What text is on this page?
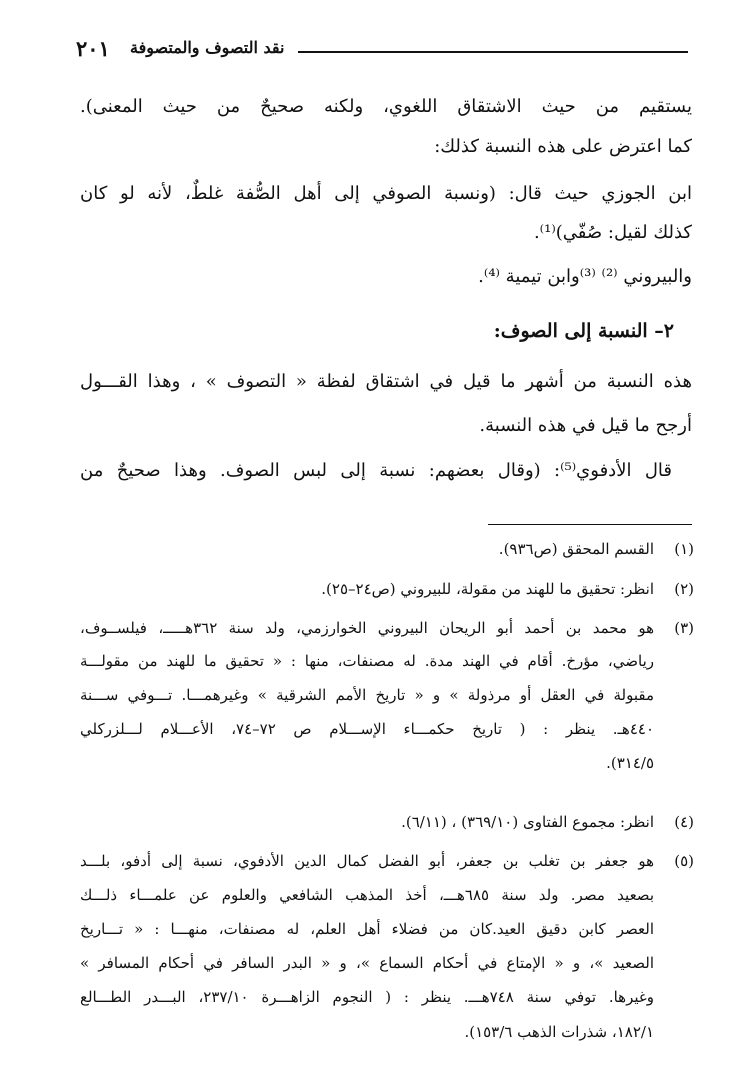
٢٠١ نقد التصوف والمتصوفة
يستقيم من حيث الاشتقاق اللغوي، ولكنه صحيحٌ من حيث المعنى).
كما اعترض على هذه النسبة كذلك:
ابن الجوزي حيث قال: (ونسبة الصوفي إلى أهل الصُّفة غلطٌ، لأنه لو كان
كذلك لقيل: صُفّي)⁽¹⁾.
والبيروني ⁽²⁾ ⁽³⁾وابن تيمية ⁽⁴⁾.
٢– النسبة إلى الصوف:
هذه النسبة من أشهر ما قيل في اشتقاق لفظة « التصوف » ، وهذا القـــول
أرجح ما قيل في هذه النسبة.
قال الأدفوي⁽⁵⁾: (وقال بعضهم: نسبة إلى لبس الصوف. وهذا صحيحٌ من
(١)
القسم المحقق (ص٩٣٦).
(٢)
انظر: تحقيق ما للهند من مقولة، للبيروني (ص٢٤–٢٥).
(٣)
هو محمد بن أحمد أبو الريحان البيروني الخوارزمي، ولد سنة ٣٦٢هـــــ، فيلســوف،
رياضي، مؤرخ. أقام في الهند مدة. له مصنفات، منها : « تحقيق ما للهند من مقولـــة
مقبولة في العقل أو مرذولة » و « تاريخ الأمم الشرقية » وغيرهمـــا. تـــوفي ســـنة
٤٤٠هـ. ينظر : ( تاريخ حكمـــاء الإســـلام ص ٧٢–٧٤، الأعـــلام لـــلزركلي
٣١٤/٥).
(٤)
انظر: مجموع الفتاوى (٣٦٩/١٠) ، (٦/١١).
(٥)
هو جعفر بن تغلب بن جعفر، أبو الفضل كمال الدين الأدفوي، نسبة إلى أدفو، بلـــد
بصعيد مصر. ولد سنة ٦٨٥هـــ، أخذ المذهب الشافعي والعلوم عن علمـــاء ذلـــك
العصر كابن دقيق العيد.كان من فضلاء أهل العلم، له مصنفات، منهـــا : « تـــاريخ
الصعيد »، و « الإمتاع في أحكام السماع »، و « البدر السافر في أحكام المسافر »
وغيرها. توفي سنة ٧٤٨هـــ. ينظر : ( النجوم الزاهـــرة ٢٣٧/١٠، البـــدر الطـــالع
١٨٢/١، شذرات الذهب ١٥٣/٦).
